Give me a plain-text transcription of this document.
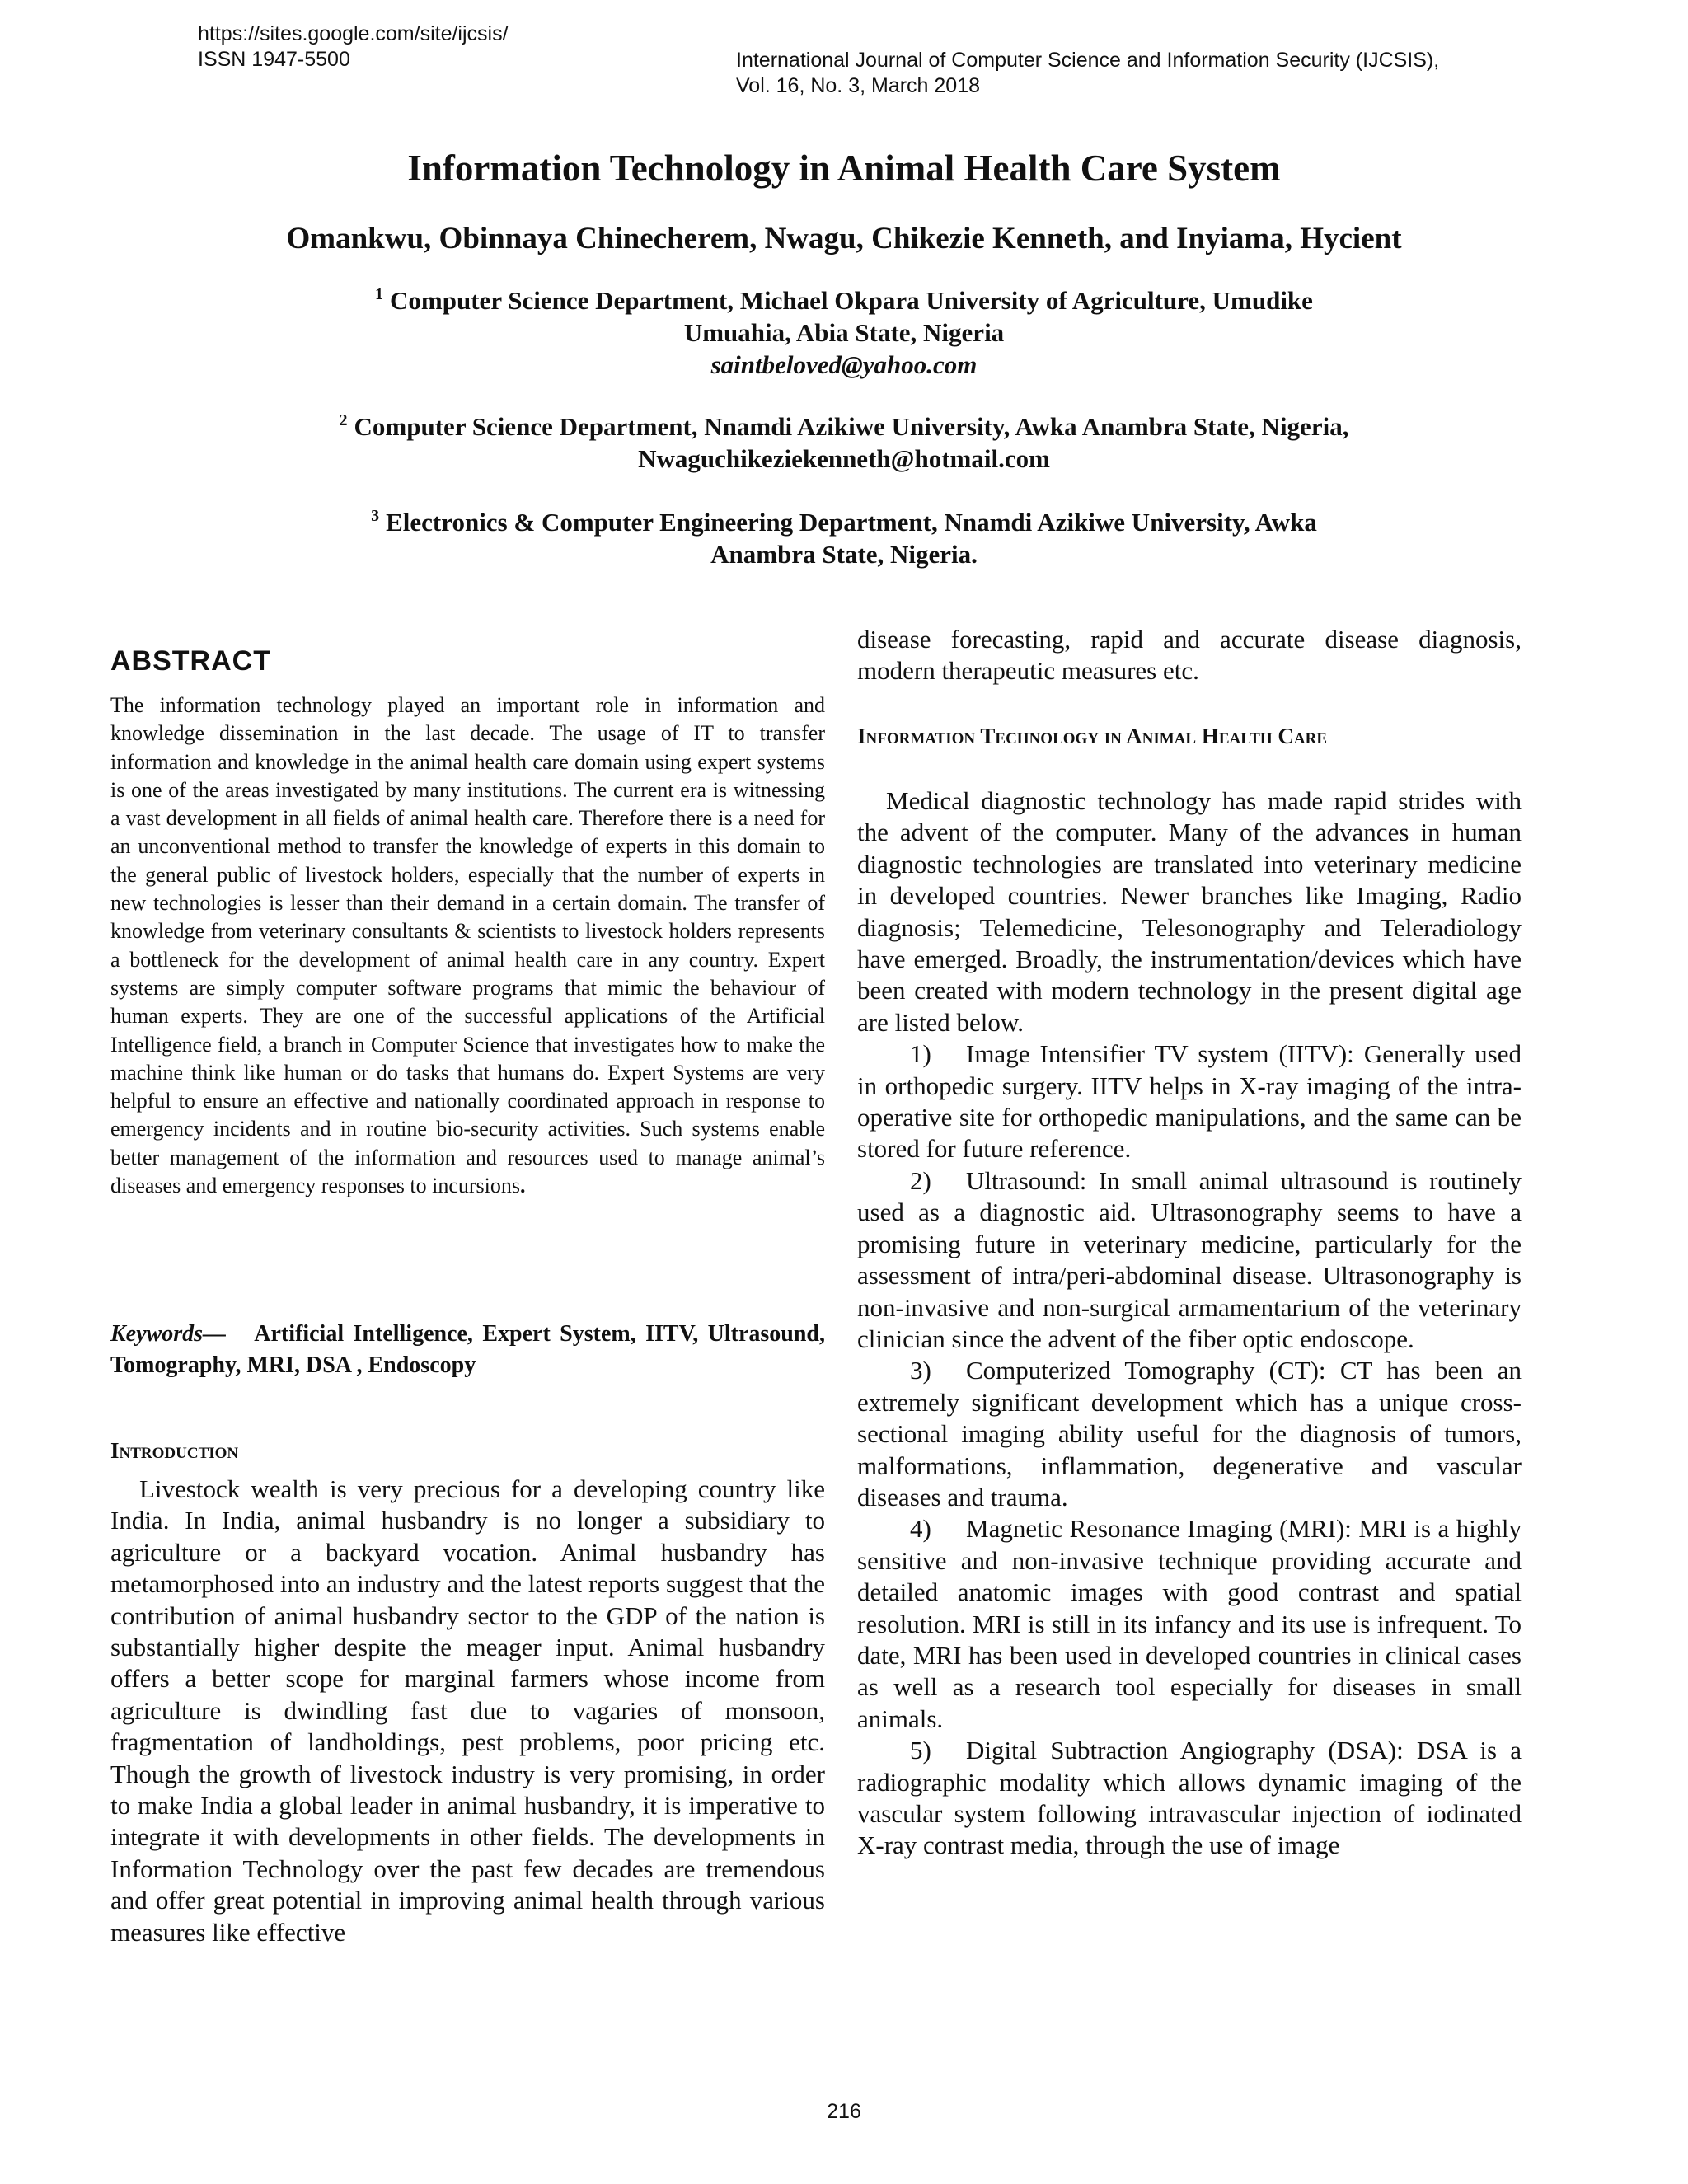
https://sites.google.com/site/ijcsis/
ISSN 1947-5500	International Journal of Computer Science and Information Security (IJCSIS),
Vol. 16, No. 3, March 2018
Information Technology in Animal Health Care System
Omankwu, Obinnaya Chinecherem, Nwagu, Chikezie Kenneth, and Inyiama, Hycient
$^1$ Computer Science Department, Michael Okpara University of Agriculture, Umudike
Umuahia, Abia State, Nigeria
saintbeloved@yahoo.com
$^2$ Computer Science Department, Nnamdi Azikiwe University, Awka Anambra State, Nigeria,
Nwaguchikeziekenneth@hotmail.com
$^3$ Electronics & Computer Engineering Department, Nnamdi Azikiwe University, Awka
Anambra State, Nigeria.
ABSTRACT
The information technology played an important role in information and knowledge dissemination in the last decade. The usage of IT to transfer information and knowledge in the animal health care domain using expert systems is one of the areas investigated by many institutions. The current era is witnessing a vast development in all fields of animal health care. Therefore there is a need for an unconventional method to transfer the knowledge of experts in this domain to the general public of livestock holders, especially that the number of experts in new technologies is lesser than their demand in a certain domain. The transfer of knowledge from veterinary consultants & scientists to livestock holders represents a bottleneck for the development of animal health care in any country. Expert systems are simply computer software programs that mimic the behaviour of human experts. They are one of the successful applications of the Artificial Intelligence field, a branch in Computer Science that investigates how to make the machine think like human or do tasks that humans do. Expert Systems are very helpful to ensure an effective and nationally coordinated approach in response to emergency incidents and in routine bio-security activities. Such systems enable better management of the information and resources used to manage animal’s diseases and emergency responses to incursions.
Keywords— Artificial Intelligence, Expert System, IITV, Ultrasound, Tomography, MRI, DSA , Endoscopy
Introduction

Livestock wealth is very precious for a developing country like India. In India, animal husbandry is no longer a subsidiary to agriculture or a backyard vocation. Animal husbandry has metamorphosed into an industry and the latest reports suggest that the contribution of animal husbandry sector to the GDP of the nation is substantially higher despite the meager input. Animal husbandry offers a better scope for marginal farmers whose income from agriculture is dwindling fast due to vagaries of monsoon, fragmentation of landholdings, pest problems, poor pricing etc. Though the growth of livestock industry is very promising, in order to make India a global leader in animal husbandry, it is imperative to integrate it with developments in other fields. The developments in Information Technology over the past few decades are tremendous and offer great potential in improving animal health through various measures like effective

disease forecasting, rapid and accurate disease diagnosis, modern therapeutic measures etc.
Information Technology in Animal Health Care

Medical diagnostic technology has made rapid strides with the advent of the computer. Many of the advances in human diagnostic technologies are translated into veterinary medicine in developed countries. Newer branches like Imaging, Radio diagnosis; Telemedicine, Telesonography and Teleradiology have emerged. Broadly, the instrumentation/devices which have been created with modern technology in the present digital age are listed below.

1) Image Intensifier TV system (IITV): Generally used in orthopedic surgery. IITV helps in X-ray imaging of the intra-operative site for orthopedic manipulations, and the same can be stored for future reference.

2) Ultrasound: In small animal ultrasound is routinely used as a diagnostic aid. Ultrasonography seems to have a promising future in veterinary medicine, particularly for the assessment of intra/peri-abdominal disease. Ultrasonography is non-invasive and non-surgical armamentarium of the veterinary clinician since the advent of the fiber optic endoscope.

3) Computerized Tomography (CT): CT has been an extremely significant development which has a unique cross-sectional imaging ability useful for the diagnosis of tumors, malformations, inflammation, degenerative and vascular diseases and trauma.

4) Magnetic Resonance Imaging (MRI): MRI is a highly sensitive and non-invasive technique providing accurate and detailed anatomic images with good contrast and spatial resolution. MRI is still in its infancy and its use is infrequent. To date, MRI has been used in developed countries in clinical cases as well as a research tool especially for diseases in small animals.

5) Digital Subtraction Angiography (DSA): DSA is a radiographic modality which allows dynamic imaging of the vascular system following intravascular injection of iodinated X-ray contrast media, through the use of image

216
